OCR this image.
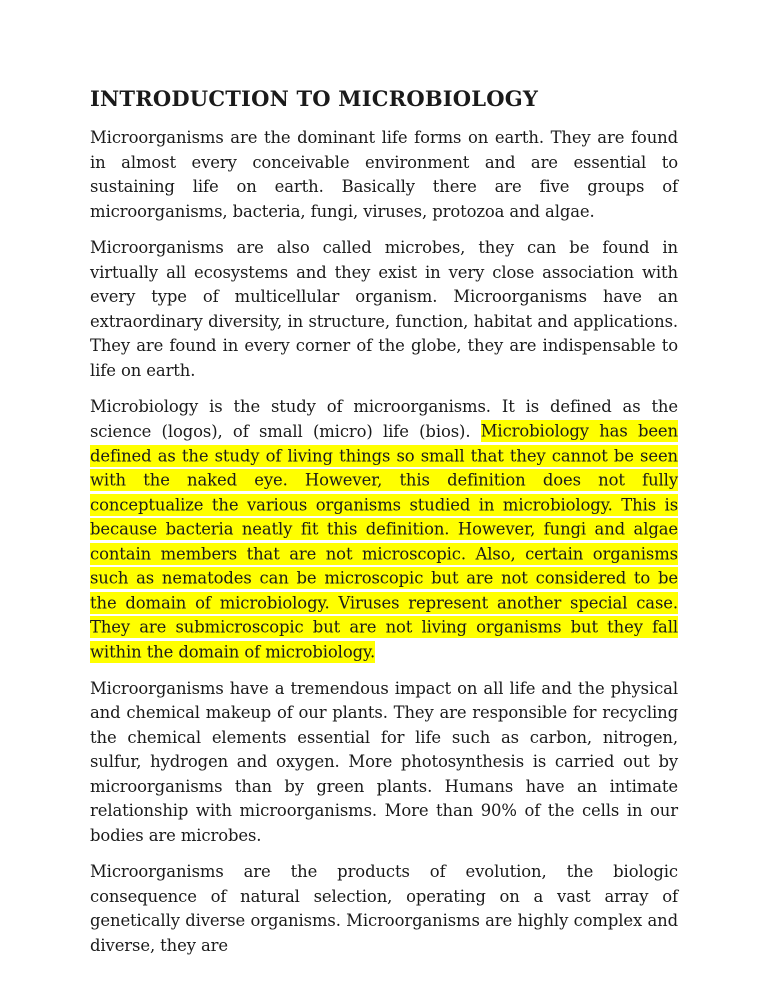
INTRODUCTION TO MICROBIOLOGY

Microorganisms are the dominant life forms on earth. They are found in almost every conceivable environment and are essential to sustaining life on earth. Basically there are five groups of microorganisms, bacteria, fungi, viruses, protozoa and algae.

Microorganisms are also called microbes, they can be found in virtually all ecosystems and they exist in very close association with every type of multicellular organism. Microorganisms have an extraordinary diversity, in structure, function, habitat and applications. They are found in every corner of the globe, they are indispensable to life on earth.

Microbiology is the study of microorganisms. It is defined as the science (logos), of small (micro) life (bios). Microbiology has been defined as the study of living things so small that they cannot be seen with the naked eye. However, this definition does not fully conceptualize the various organisms studied in microbiology. This is because bacteria neatly fit this definition. However, fungi and algae contain members that are not microscopic. Also, certain organisms such as nematodes can be microscopic but are not considered to be the domain of microbiology. Viruses represent another special case. They are submicroscopic but are not living organisms but they fall within the domain of microbiology.

Microorganisms have a tremendous impact on all life and the physical and chemical makeup of our plants. They are responsible for recycling the chemical elements essential for life such as carbon, nitrogen, sulfur, hydrogen and oxygen. More photosynthesis is carried out by microorganisms than by green plants. Humans have an intimate relationship with microorganisms. More than 90% of the cells in our bodies are microbes.

Microorganisms are the products of evolution, the biologic consequence of natural selection, operating on a vast array of genetically diverse organisms. Microorganisms are highly complex and diverse, they are
